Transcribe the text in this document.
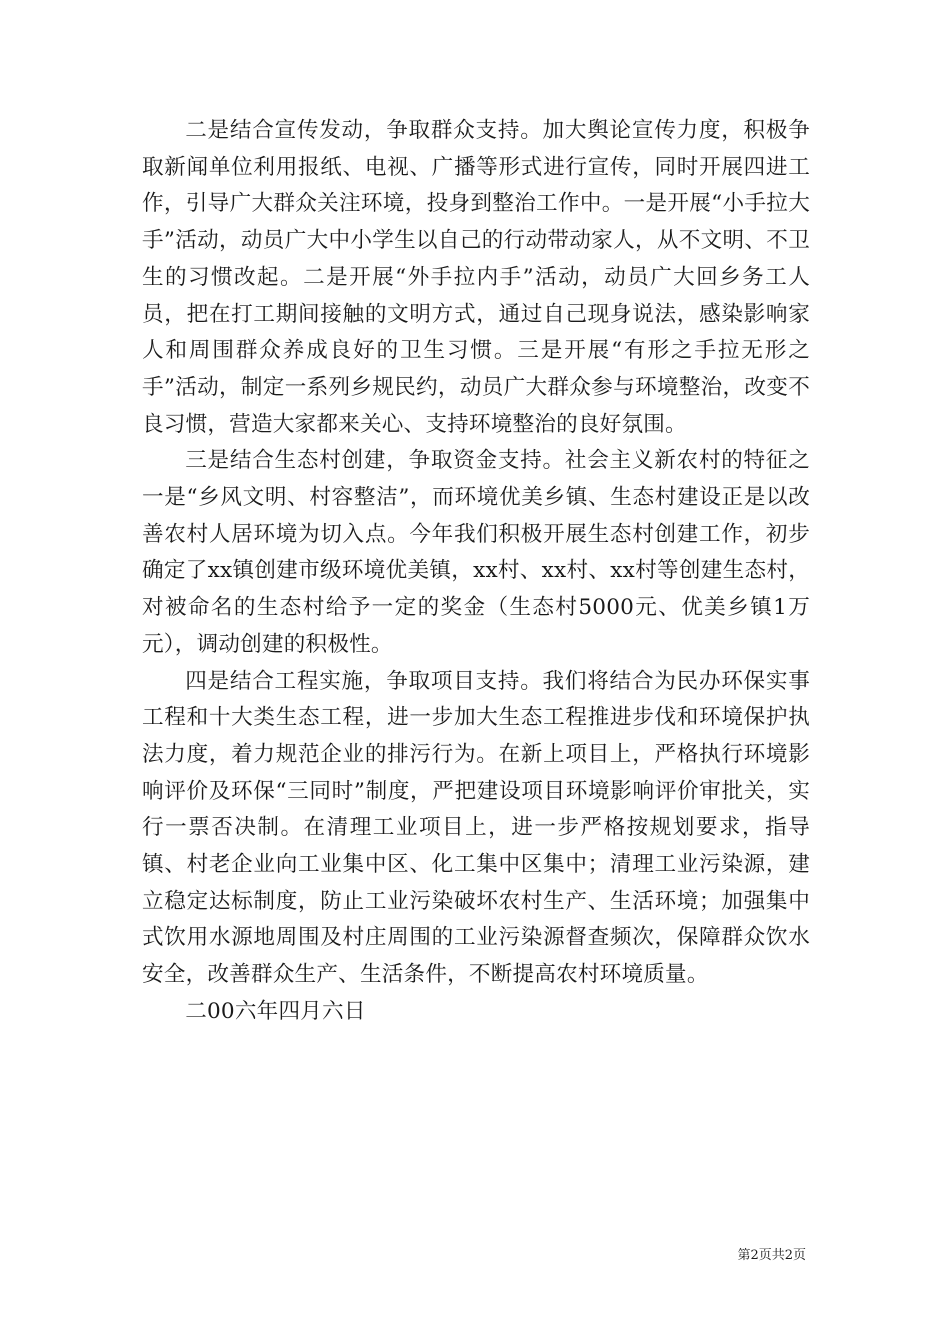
二是结合宣传发动，争取群众支持。加大舆论宣传力度，积极争取新闻单位利用报纸、电视、广播等形式进行宣传，同时开展四进工作，引导广大群众关注环境，投身到整治工作中。一是开展“小手拉大手”活动，动员广大中小学生以自己的行动带动家人，从不文明、不卫生的习惯改起。二是开展“外手拉内手”活动，动员广大回乡务工人员，把在打工期间接触的文明方式，通过自己现身说法，感染影响家人和周围群众养成良好的卫生习惯。三是开展“有形之手拉无形之手”活动，制定一系列乡规民约，动员广大群众参与环境整治，改变不良习惯，营造大家都来关心、支持环境整治的良好氛围。

三是结合生态村创建，争取资金支持。社会主义新农村的特征之一是“乡风文明、村容整洁”，而环境优美乡镇、生态村建设正是以改善农村人居环境为切入点。今年我们积极开展生态村创建工作，初步确定了xx镇创建市级环境优美镇，xx村、xx村、xx村等创建生态村，对被命名的生态村给予一定的奖金（生态村5000元、优美乡镇1万元），调动创建的积极性。

四是结合工程实施，争取项目支持。我们将结合为民办环保实事工程和十大类生态工程，进一步加大生态工程推进步伐和环境保护执法力度，着力规范企业的排污行为。在新上项目上，严格执行环境影响评价及环保“三同时”制度，严把建设项目环境影响评价审批关，实行一票否决制。在清理工业项目上，进一步严格按规划要求，指导镇、村老企业向工业集中区、化工集中区集中；清理工业污染源，建立稳定达标制度，防止工业污染破坏农村生产、生活环境；加强集中式饮用水源地周围及村庄周围的工业污染源督查频次，保障群众饮水安全，改善群众生产、生活条件，不断提高农村环境质量。

二00六年四月六日

第2页共2页
